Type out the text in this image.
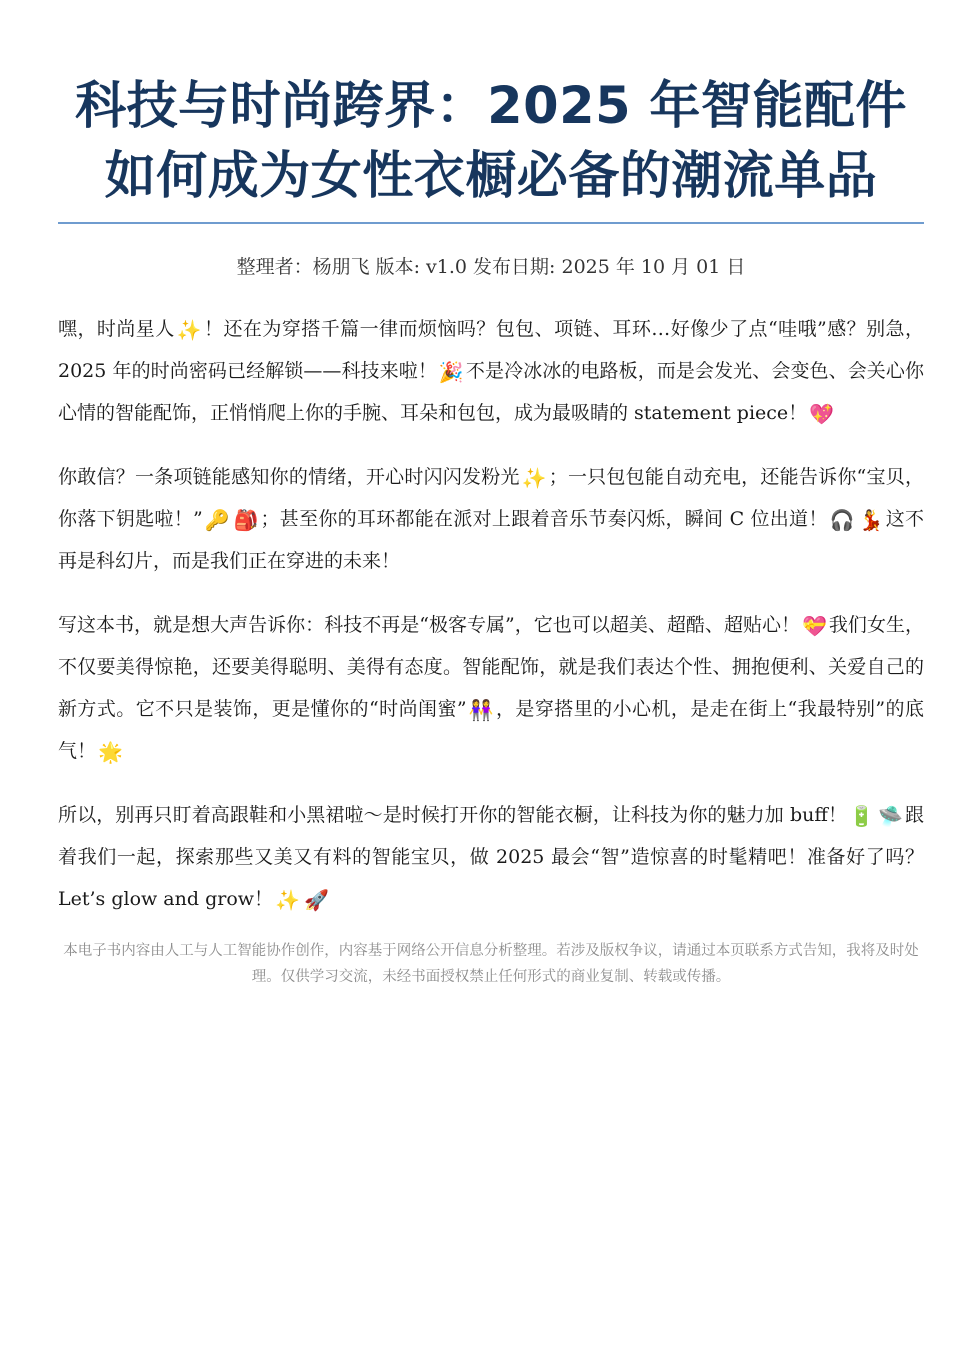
科技与时尚跨界：2025 年智能配件如何成为女性衣橱必备的潮流单品
整理者：杨朋飞 版本: v1.0 发布日期: 2025 年 10 月 01 日
嘿，时尚星人 ✨ ！还在为穿搭千篇一律而烦恼吗？包包、项链、耳环…好像少了点“哇哦”感？别急，2025 年的时尚密码已经解锁——科技来啦！ 🎉 不是冷冰冰的电路板，而是会发光、会变色、会关心你心情的智能配饰，正悄悄爬上你的手腕、耳朵和包包，成为最吸睛的 statement piece！ 💖
你敢信？一条项链能感知你的情绪，开心时闪闪发粉光 ✨ ；一只包包能自动充电，还能告诉你“宝贝，你落下钥匙啦！” 🔑 🎒 ；甚至你的耳环都能在派对上跟着音乐节奏闪烁，瞬间 C 位出道！ 🎧 💃 这不再是科幻片，而是我们正在穿进的未来！
写这本书，就是想大声告诉你：科技不再是“极客专属”，它也可以超美、超酷、超贴心！ 💝 我们女生，不仅要美得惊艳，还要美得聪明、美得有态度。智能配饰，就是我们表达个性、拥抱便利、关爱自己的新方式。它不只是装饰，更是懂你的“时尚闺蜜” 👭 ，是穿搭里的小心机，是走在街上“我最特别”的底气！ 🌟
所以，别再只盯着高跟鞋和小黑裙啦～是时候打开你的智能衣橱，让科技为你的魅力加 buff！ 🔋 🛸 跟着我们一起，探索那些又美又有料的智能宝贝，做 2025 最会“智”造惊喜的时髦精吧！准备好了吗？Let’s glow and grow！ ✨ 🚀
本电子书内容由人工与人工智能协作创作，内容基于网络公开信息分析整理。若涉及版权争议，请通过本页联系方式告知，我将及时处理。仅供学习交流，未经书面授权禁止任何形式的商业复制、转载或传播。
